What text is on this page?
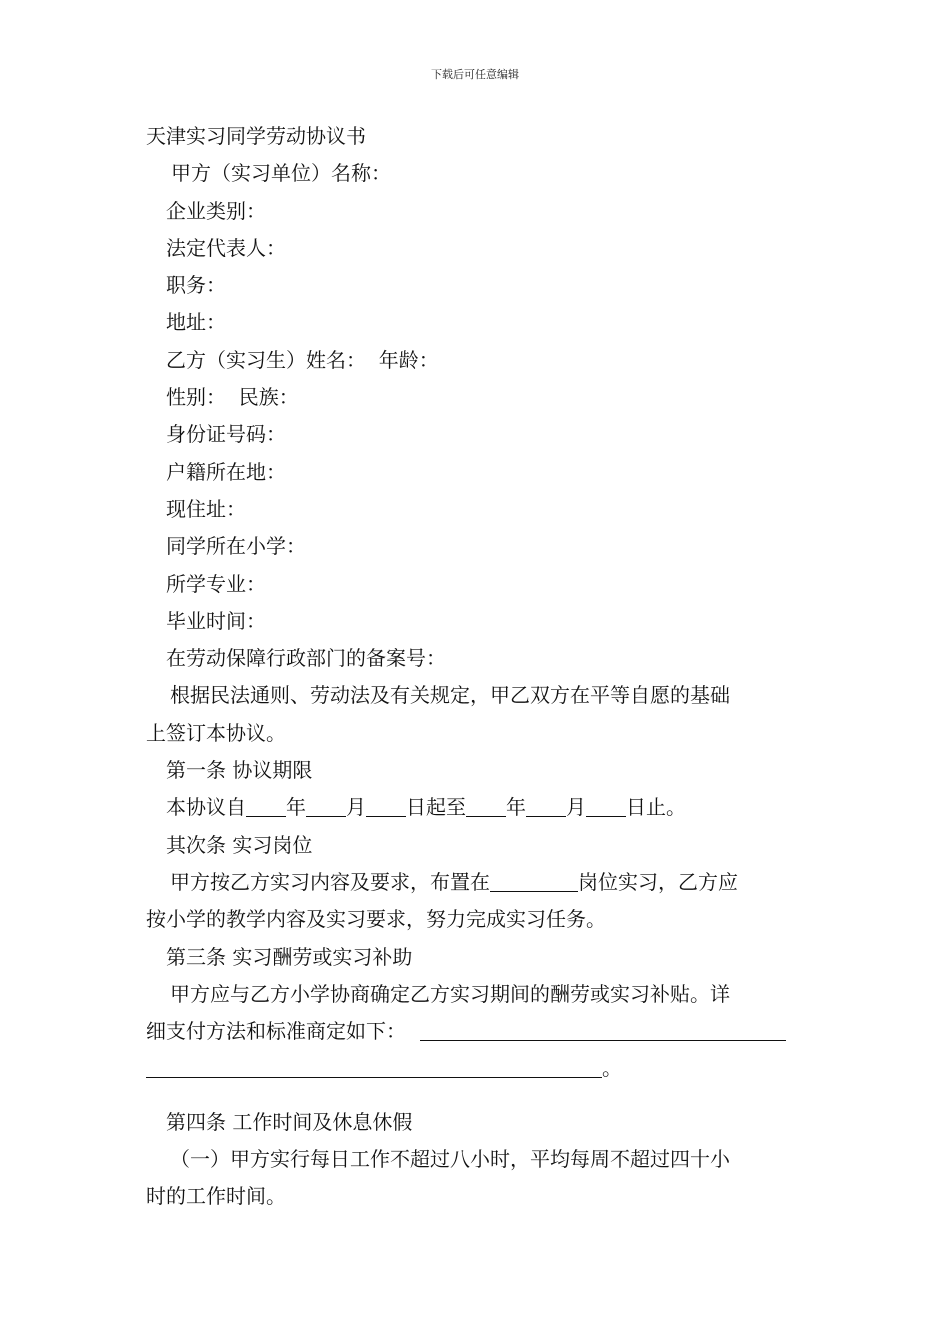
下载后可任意编辑
天津实习同学劳动协议书
甲方（实习单位）名称：
企业类别：
法定代表人：
职务：
地址：
乙方（实习生）姓名：  年龄：
性别：  民族：
身份证号码：
户籍所在地：
现住址：
同学所在小学：
所学专业：
毕业时间：
在劳动保障行政部门的备案号：
根据民法通则、劳动法及有关规定，甲乙双方在平等自愿的基础
上签订本协议。
第一条 协议期限
本协议自 年 月 日起至 年 月 日止。
其次条 实习岗位
甲方按乙方实习内容及要求，布置在	岗位实习，乙方应
按小学的教学内容及实习要求，努力完成实习任务。
第三条 实习酬劳或实习补助
甲方应与乙方小学协商确定乙方实习期间的酬劳或实习补贴。详
细支付方法和标准商定如下：
。
第四条 工作时间及休息休假
（一）甲方实行每日工作不超过八小时，平均每周不超过四十小
时的工作时间。
